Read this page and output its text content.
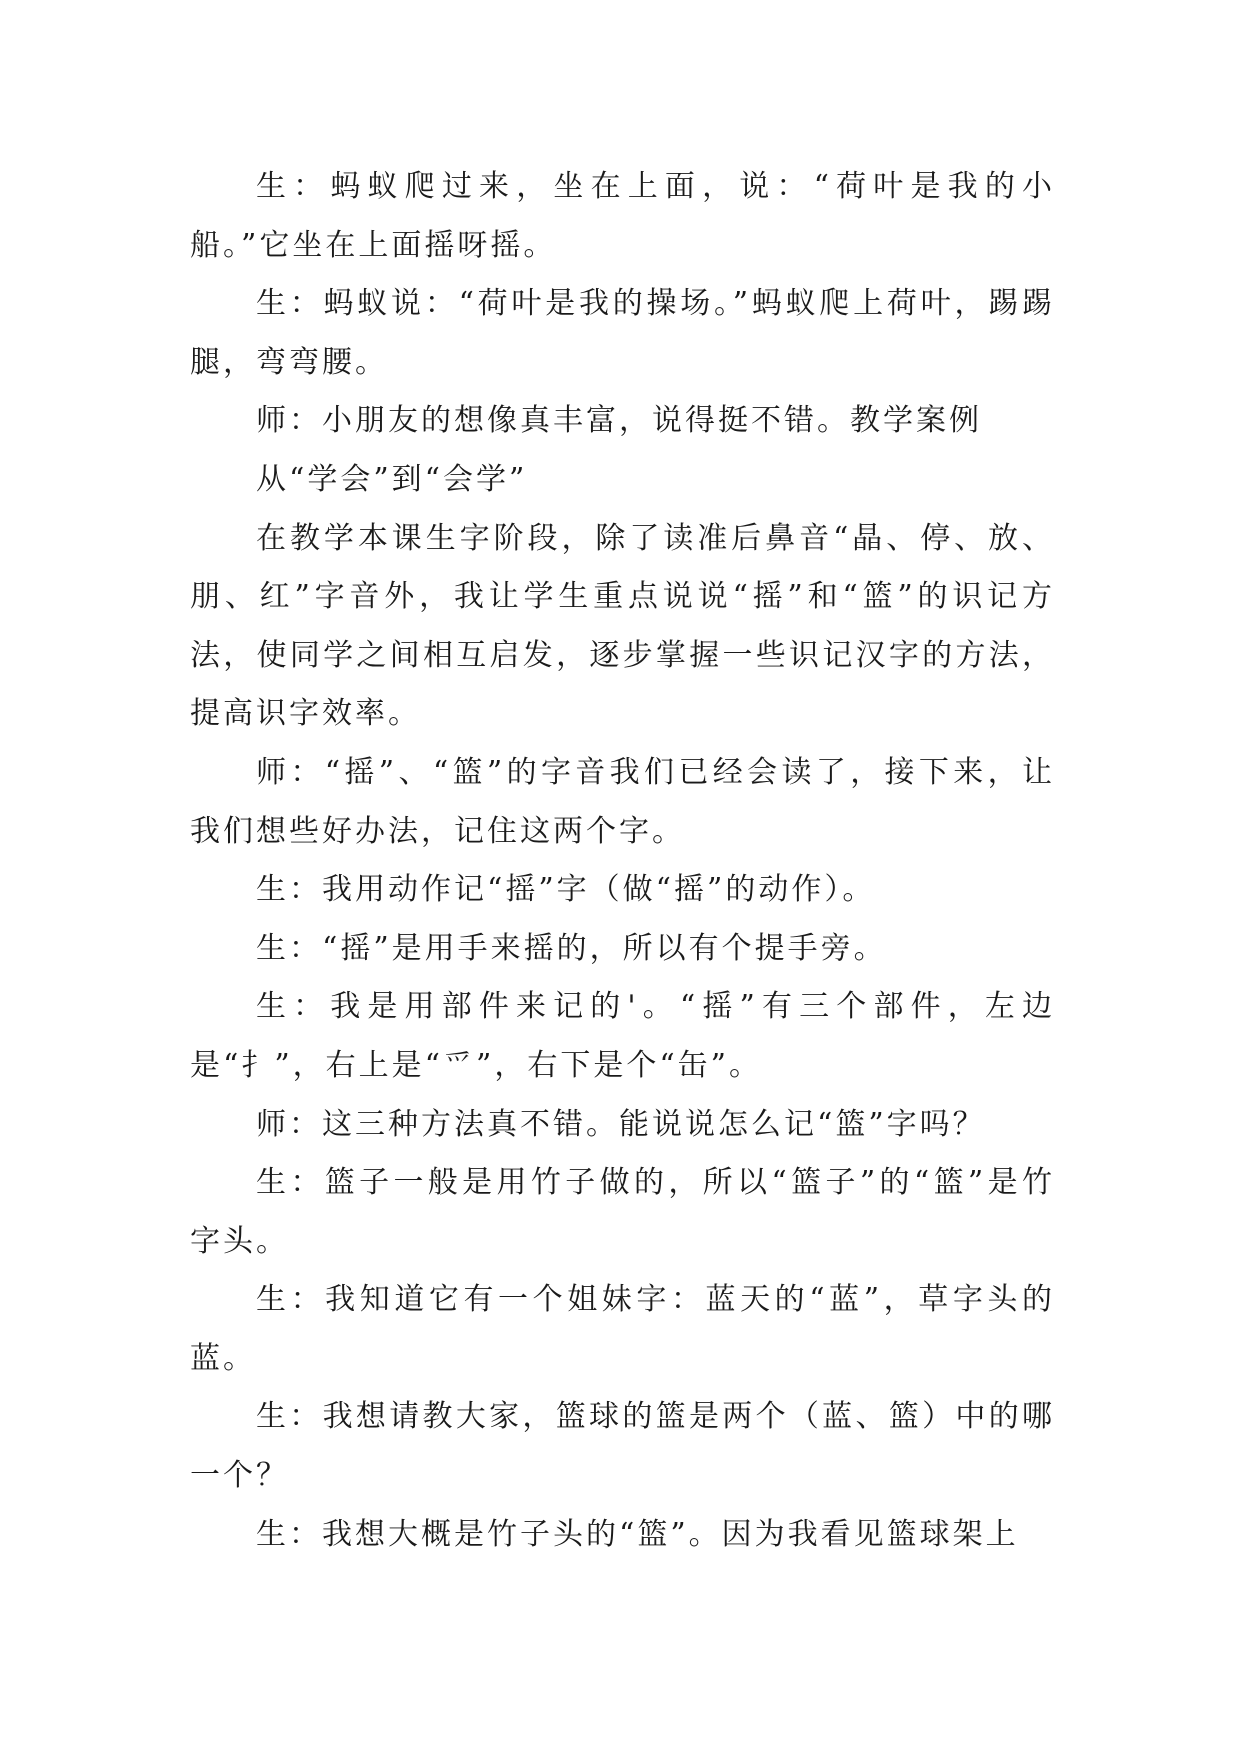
生：蚂蚁爬过来，坐在上面，说：“荷叶是我的小船。”它坐在上面摇呀摇。

生：蚂蚁说：“荷叶是我的操场。”蚂蚁爬上荷叶，踢踢腿，弯弯腰。

师：小朋友的想像真丰富，说得挺不错。教学案例

从“学会”到“会学”

在教学本课生字阶段，除了读准后鼻音“晶、停、放、朋、红”字音外，我让学生重点说说“摇”和“篮”的识记方法，使同学之间相互启发，逐步掌握一些识记汉字的方法，提高识字效率。

师：“摇”、“篮”的字音我们已经会读了，接下来，让我们想些好办法，记住这两个字。

生：我用动作记“摇”字（做“摇”的动作）。

生：“摇”是用手来摇的，所以有个提手旁。

生：我是用部件来记的'。“摇”有三个部件，左边是“扌”，右上是“爫”，右下是个“缶”。

师：这三种方法真不错。能说说怎么记“篮”字吗？

生：篮子一般是用竹子做的，所以“篮子”的“篮”是竹字头。

生：我知道它有一个姐妹字：蓝天的“蓝”，草字头的蓝。

生：我想请教大家，篮球的篮是两个（蓝、篮）中的哪一个？

生：我想大概是竹子头的“篮”。因为我看见篮球架上
